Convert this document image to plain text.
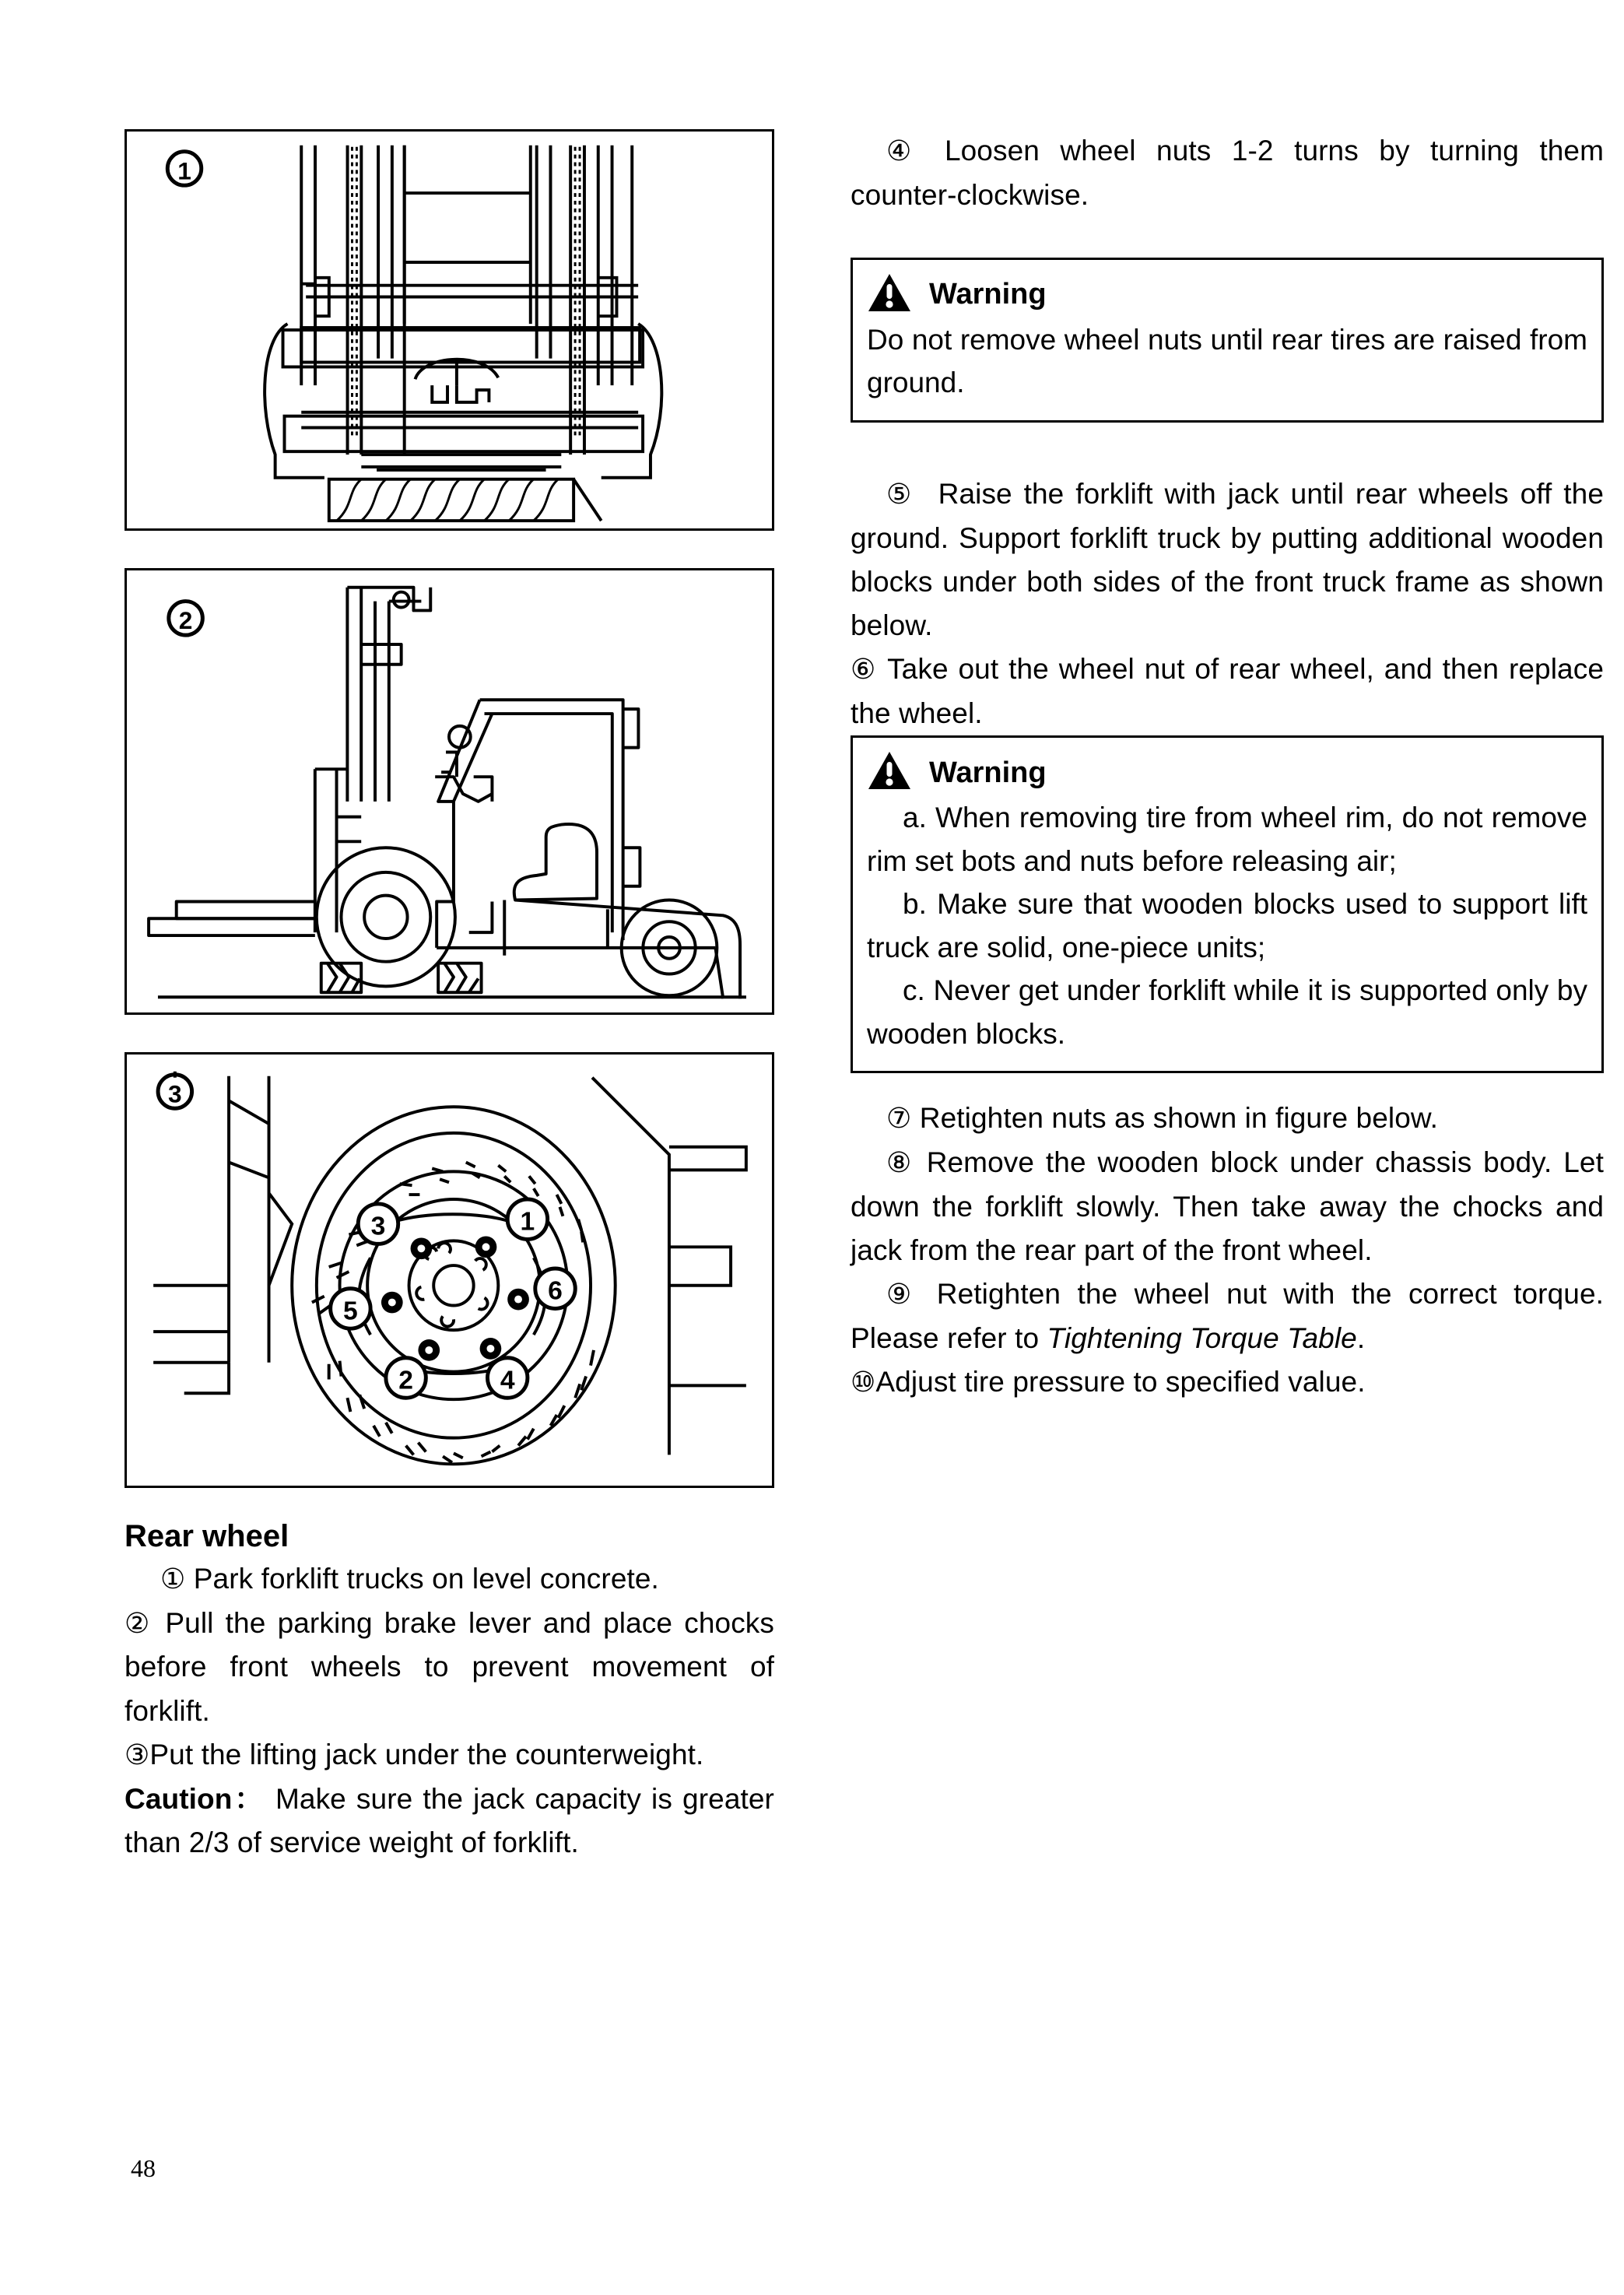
1
2
3	1
5
6
2	4
3
Rear wheel

① Park forklift trucks on level concrete.

② Pull the parking brake lever and place chocks before front wheels to prevent movement of forklift.

③Put the lifting jack under the counterweight.

Caution： Make sure the jack capacity is greater than 2/3 of service weight of forklift.

④ Loosen wheel nuts 1-2 turns by turning them counter-clockwise.

Warning

Do not remove wheel nuts until rear tires are raised from ground.

⑤ Raise the forklift with jack until rear wheels off the ground. Support forklift truck by putting additional wooden blocks under both sides of the front truck frame as shown below.

⑥ Take out the wheel nut of rear wheel, and then replace the wheel.

Warning

a. When removing tire from wheel rim, do not remove rim set bots and nuts before releasing air;

b. Make sure that wooden blocks used to support lift truck are solid, one-piece units;

c. Never get under forklift while it is supported only by wooden blocks.

⑦ Retighten nuts as shown in figure below.

⑧ Remove the wooden block under chassis body. Let down the forklift slowly. Then take away the chocks and jack from the rear part of the front wheel.

⑨ Retighten the wheel nut with the correct torque. Please refer to Tightening Torque Table.

⑩Adjust tire pressure to specified value.

48
